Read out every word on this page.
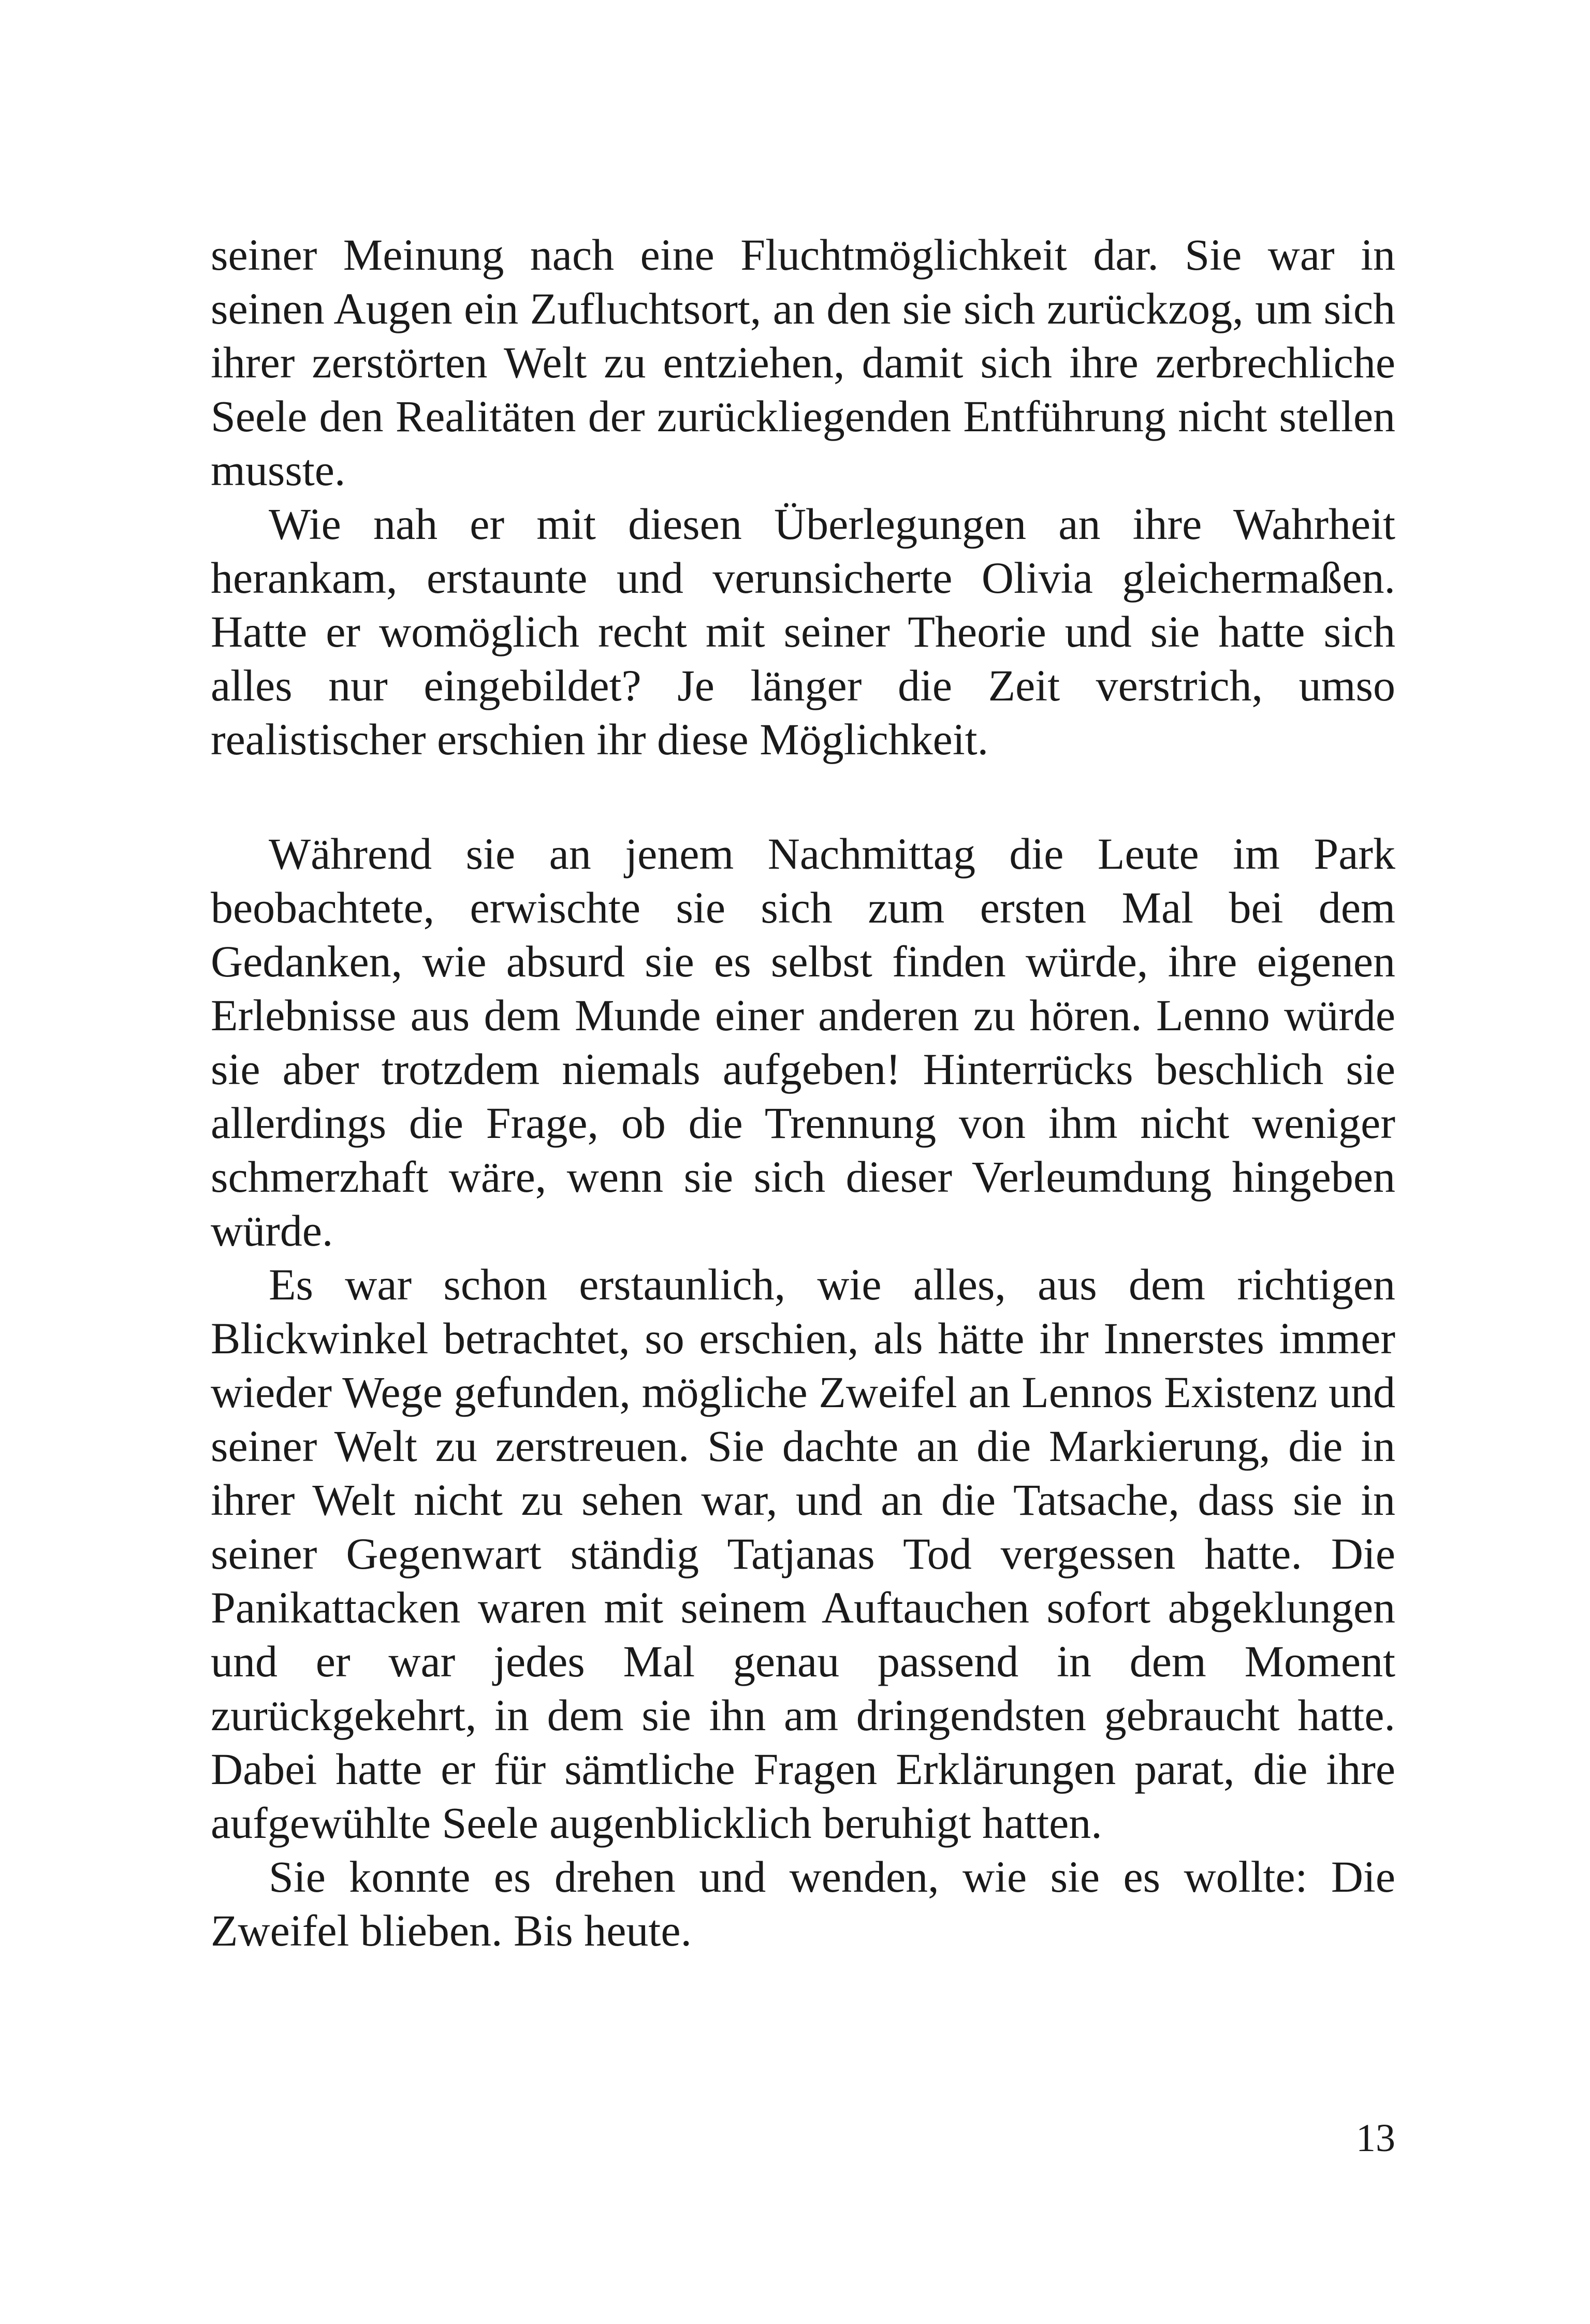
seiner Meinung nach eine Fluchtmöglichkeit dar. Sie war in seinen Augen ein Zufluchtsort, an den sie sich zurückzog, um sich ihrer zerstörten Welt zu entziehen, damit sich ihre zerbrechliche Seele den Realitäten der zurückliegenden Entführung nicht stellen musste.

Wie nah er mit diesen Überlegungen an ihre Wahrheit herankam, erstaunte und verunsicherte Olivia gleichermaßen. Hatte er womöglich recht mit seiner Theorie und sie hatte sich alles nur eingebildet? Je länger die Zeit verstrich, umso realistischer erschien ihr diese Möglichkeit.

Während sie an jenem Nachmittag die Leute im Park beobachtete, erwischte sie sich zum ersten Mal bei dem Gedanken, wie absurd sie es selbst finden würde, ihre eigenen Erlebnisse aus dem Munde einer anderen zu hören. Lenno würde sie aber trotzdem niemals aufgeben! Hinterrücks beschlich sie allerdings die Frage, ob die Trennung von ihm nicht weniger schmerzhaft wäre, wenn sie sich dieser Verleumdung hingeben würde.

Es war schon erstaunlich, wie alles, aus dem richtigen Blickwinkel betrachtet, so erschien, als hätte ihr Innerstes immer wieder Wege gefunden, mögliche Zweifel an Lennos Existenz und seiner Welt zu zerstreuen. Sie dachte an die Markierung, die in ihrer Welt nicht zu sehen war, und an die Tatsache, dass sie in seiner Gegenwart ständig Tatjanas Tod vergessen hatte. Die Panikattacken waren mit seinem Auftauchen sofort abgeklungen und er war jedes Mal genau passend in dem Moment zurückgekehrt, in dem sie ihn am dringendsten gebraucht hatte. Dabei hatte er für sämtliche Fragen Erklärungen parat, die ihre aufgewühlte Seele augenblicklich beruhigt hatten.

Sie konnte es drehen und wenden, wie sie es wollte: Die Zweifel blieben. Bis heute.

13
